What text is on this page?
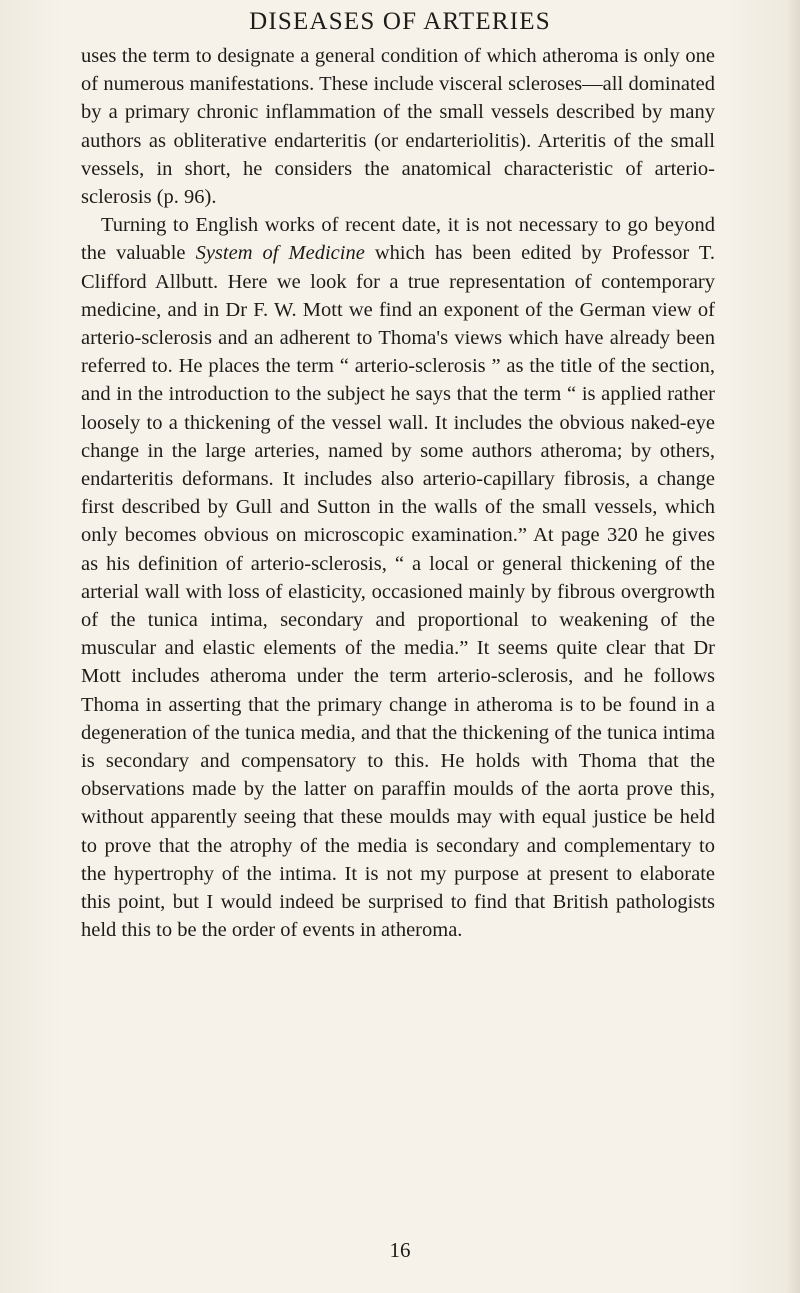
DISEASES OF ARTERIES

uses the term to designate a general condition of which atheroma is only one of numerous manifestations. These include visceral scleroses—all dominated by a primary chronic inflammation of the small vessels described by many authors as obliterative endarteritis (or endarteriolitis). Arteritis of the small vessels, in short, he considers the anatomical characteristic of arterio-sclerosis (p. 96).

Turning to English works of recent date, it is not necessary to go beyond the valuable System of Medicine which has been edited by Professor T. Clifford Allbutt. Here we look for a true representation of contemporary medicine, and in Dr F. W. Mott we find an exponent of the German view of arterio-sclerosis and an adherent to Thoma's views which have already been referred to. He places the term “ arterio-sclerosis ” as the title of the section, and in the introduction to the subject he says that the term “ is applied rather loosely to a thickening of the vessel wall. It includes the obvious naked-eye change in the large arteries, named by some authors atheroma; by others, endarteritis deformans. It includes also arterio-capillary fibrosis, a change first described by Gull and Sutton in the walls of the small vessels, which only becomes obvious on microscopic examination.” At page 320 he gives as his definition of arterio-sclerosis, “ a local or general thickening of the arterial wall with loss of elasticity, occasioned mainly by fibrous overgrowth of the tunica intima, secondary and proportional to weakening of the muscular and elastic elements of the media.” It seems quite clear that Dr Mott includes atheroma under the term arterio-sclerosis, and he follows Thoma in asserting that the primary change in atheroma is to be found in a degeneration of the tunica media, and that the thickening of the tunica intima is secondary and compensatory to this. He holds with Thoma that the observations made by the latter on paraffin moulds of the aorta prove this, without apparently seeing that these moulds may with equal justice be held to prove that the atrophy of the media is secondary and complementary to the hypertrophy of the intima. It is not my purpose at present to elaborate this point, but I would indeed be surprised to find that British pathologists held this to be the order of events in atheroma.

16
